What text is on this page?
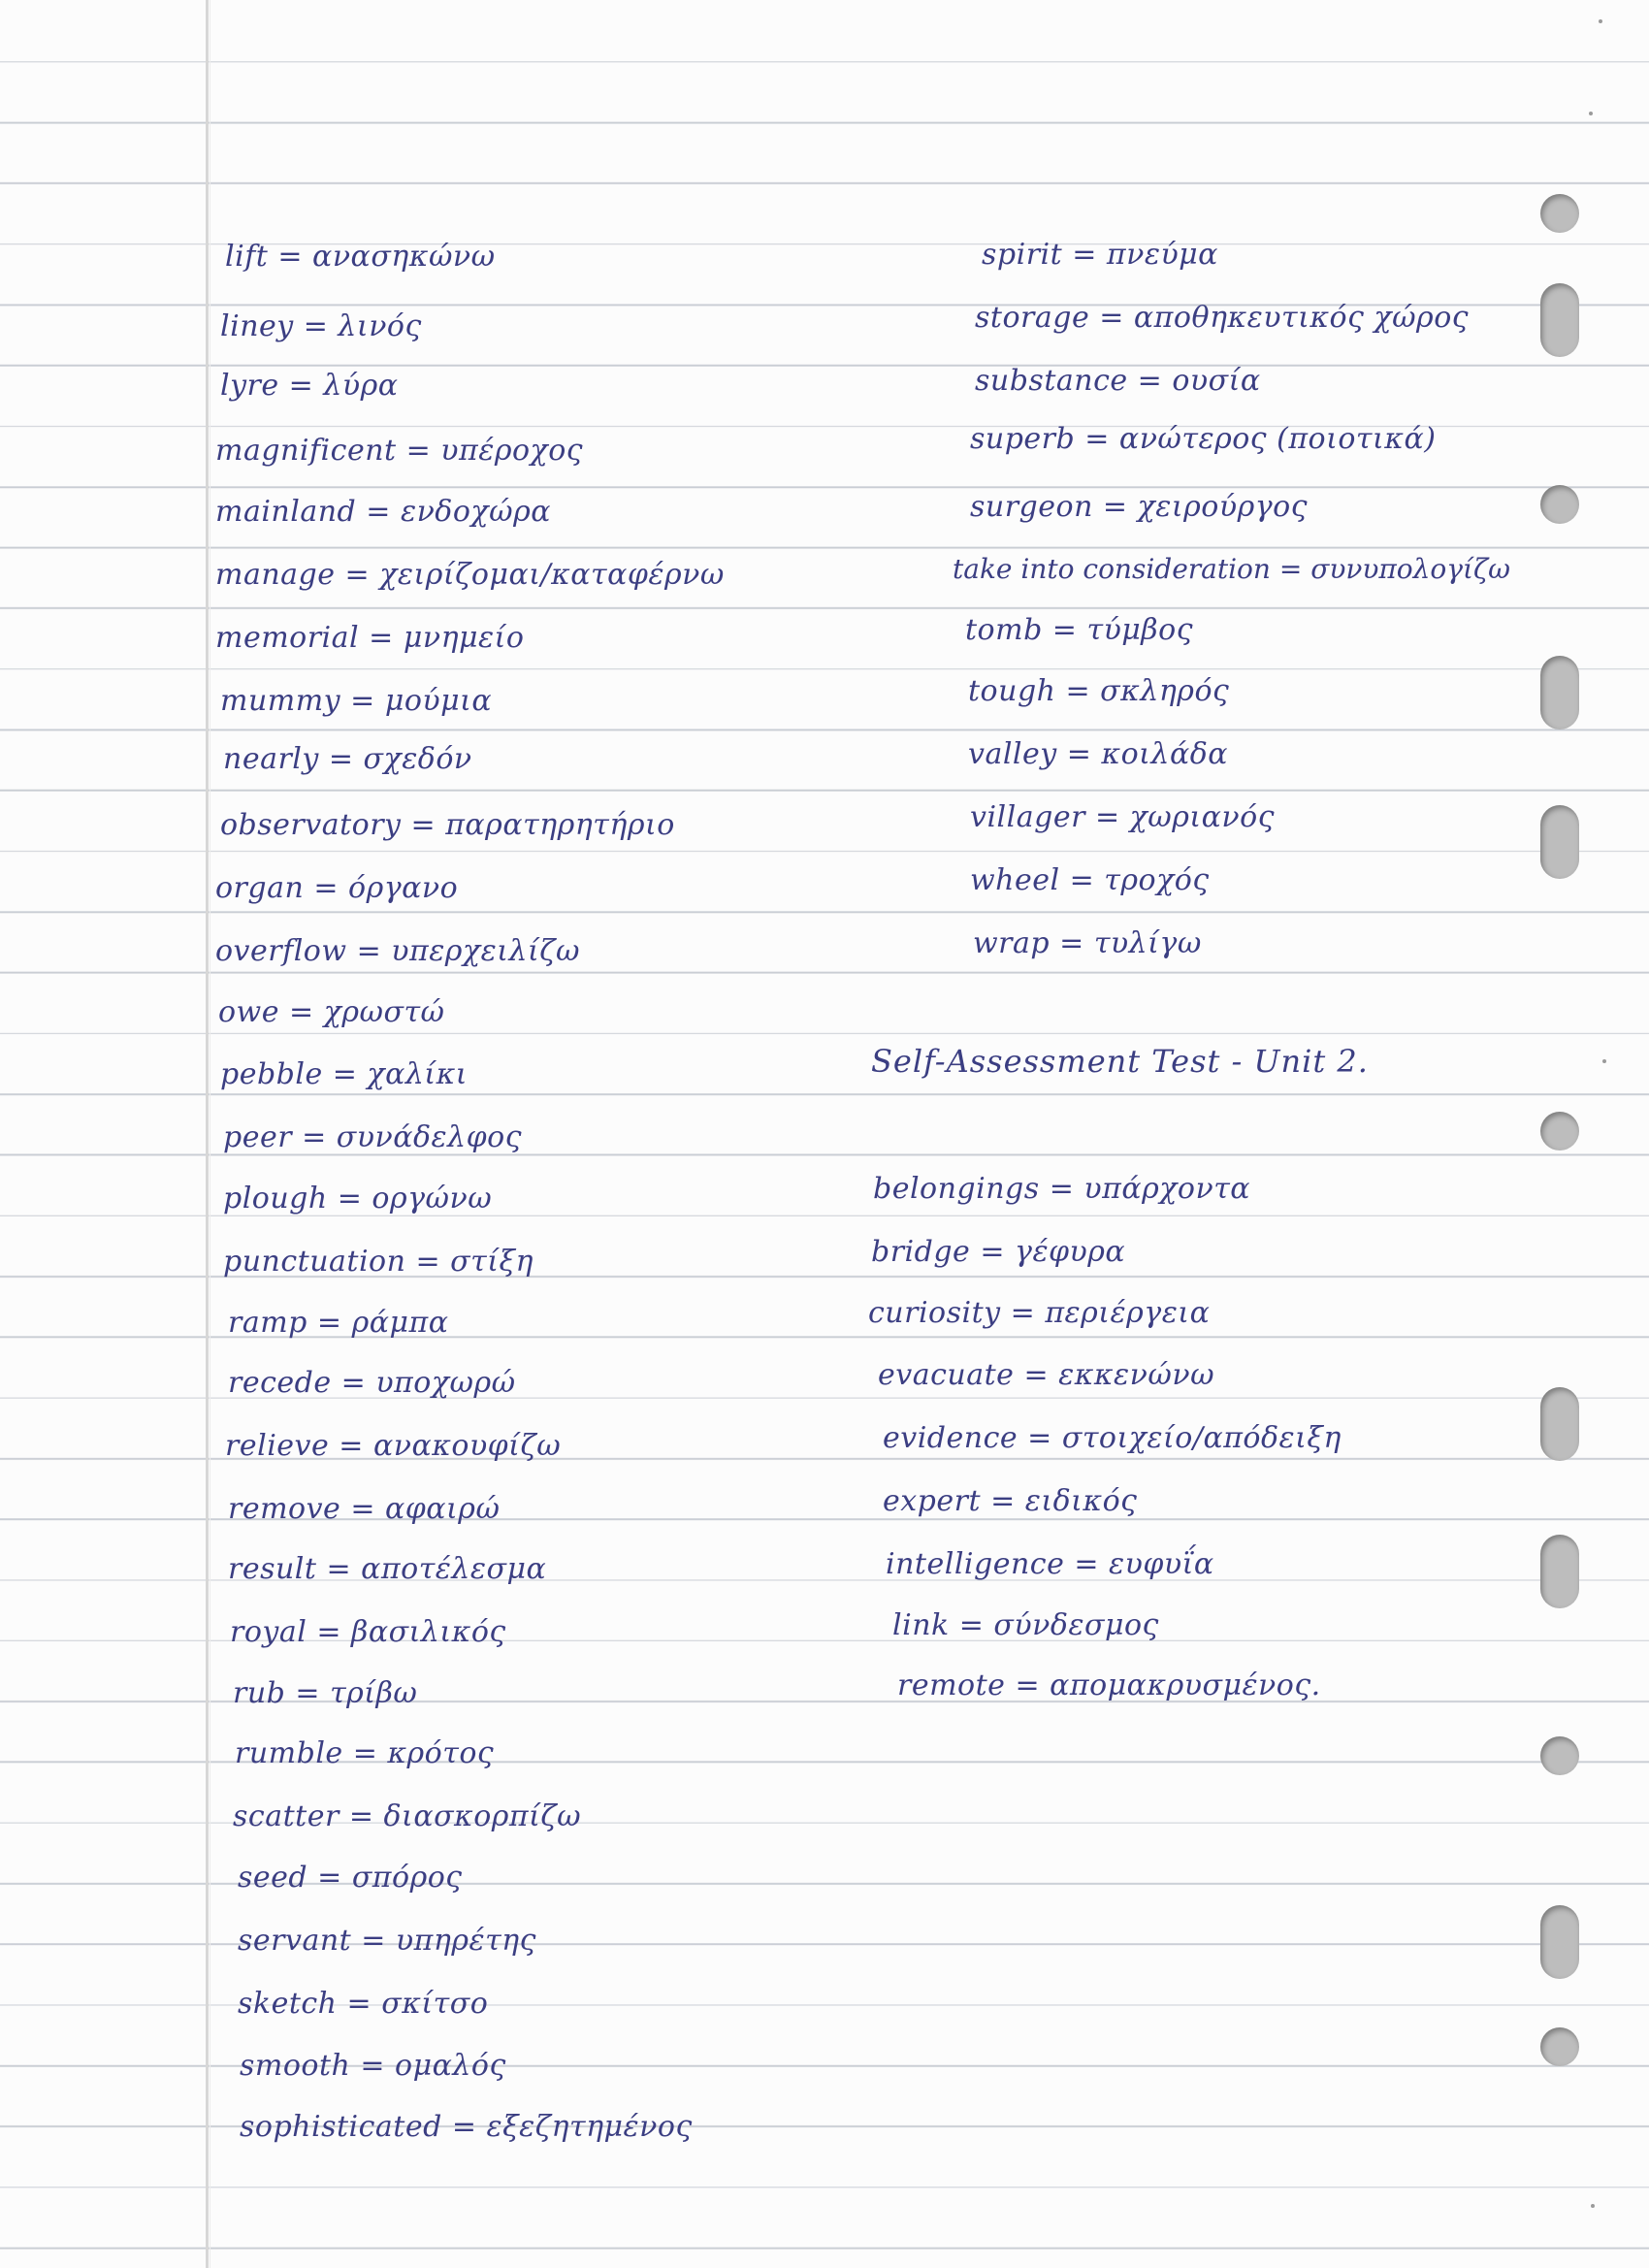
lift = ανασηκώνω

liney = λινός

lyre = λύρα

magnificent = υπέροχος

mainland = ενδοχώρα

manage = χειρίζομαι/καταφέρνω

memorial = μνημείο

mummy = μούμια

nearly = σχεδόν

observatory = παρατηρητήριο

organ = όργανο

overflow = υπερχειλίζω

owe = χρωστώ

pebble = χαλίκι

peer = συνάδελφος

plough = οργώνω

punctuation = στίξη

ramp = ράμπα

recede = υποχωρώ

relieve = ανακουφίζω

remove = αφαιρώ

result = αποτέλεσμα

royal = βασιλικός

rub = τρίβω

rumble = κρότος

scatter = διασκορπίζω

seed = σπόρος

servant = υπηρέτης

sketch = σκίτσο

smooth = ομαλός

sophisticated = εξεζητημένος

spirit = πνεύμα

storage = αποθηκευτικός χώρος

substance = ουσία

superb = ανώτερος (ποιοτικά)

surgeon = χειρούργος

take into consideration = συνυπολογίζω

tomb = τύμβος

tough = σκληρός

valley = κοιλάδα

villager = χωριανός

wheel = τροχός

wrap = τυλίγω

Self-Assessment Test - Unit 2.

belongings = υπάρχοντα

bridge = γέφυρα

curiosity = περιέργεια

evacuate = εκκενώνω

evidence = στοιχείο/απόδειξη

expert = ειδικός

intelligence = ευφυΐα

link = σύνδεσμος

remote = απομακρυσμένος.
